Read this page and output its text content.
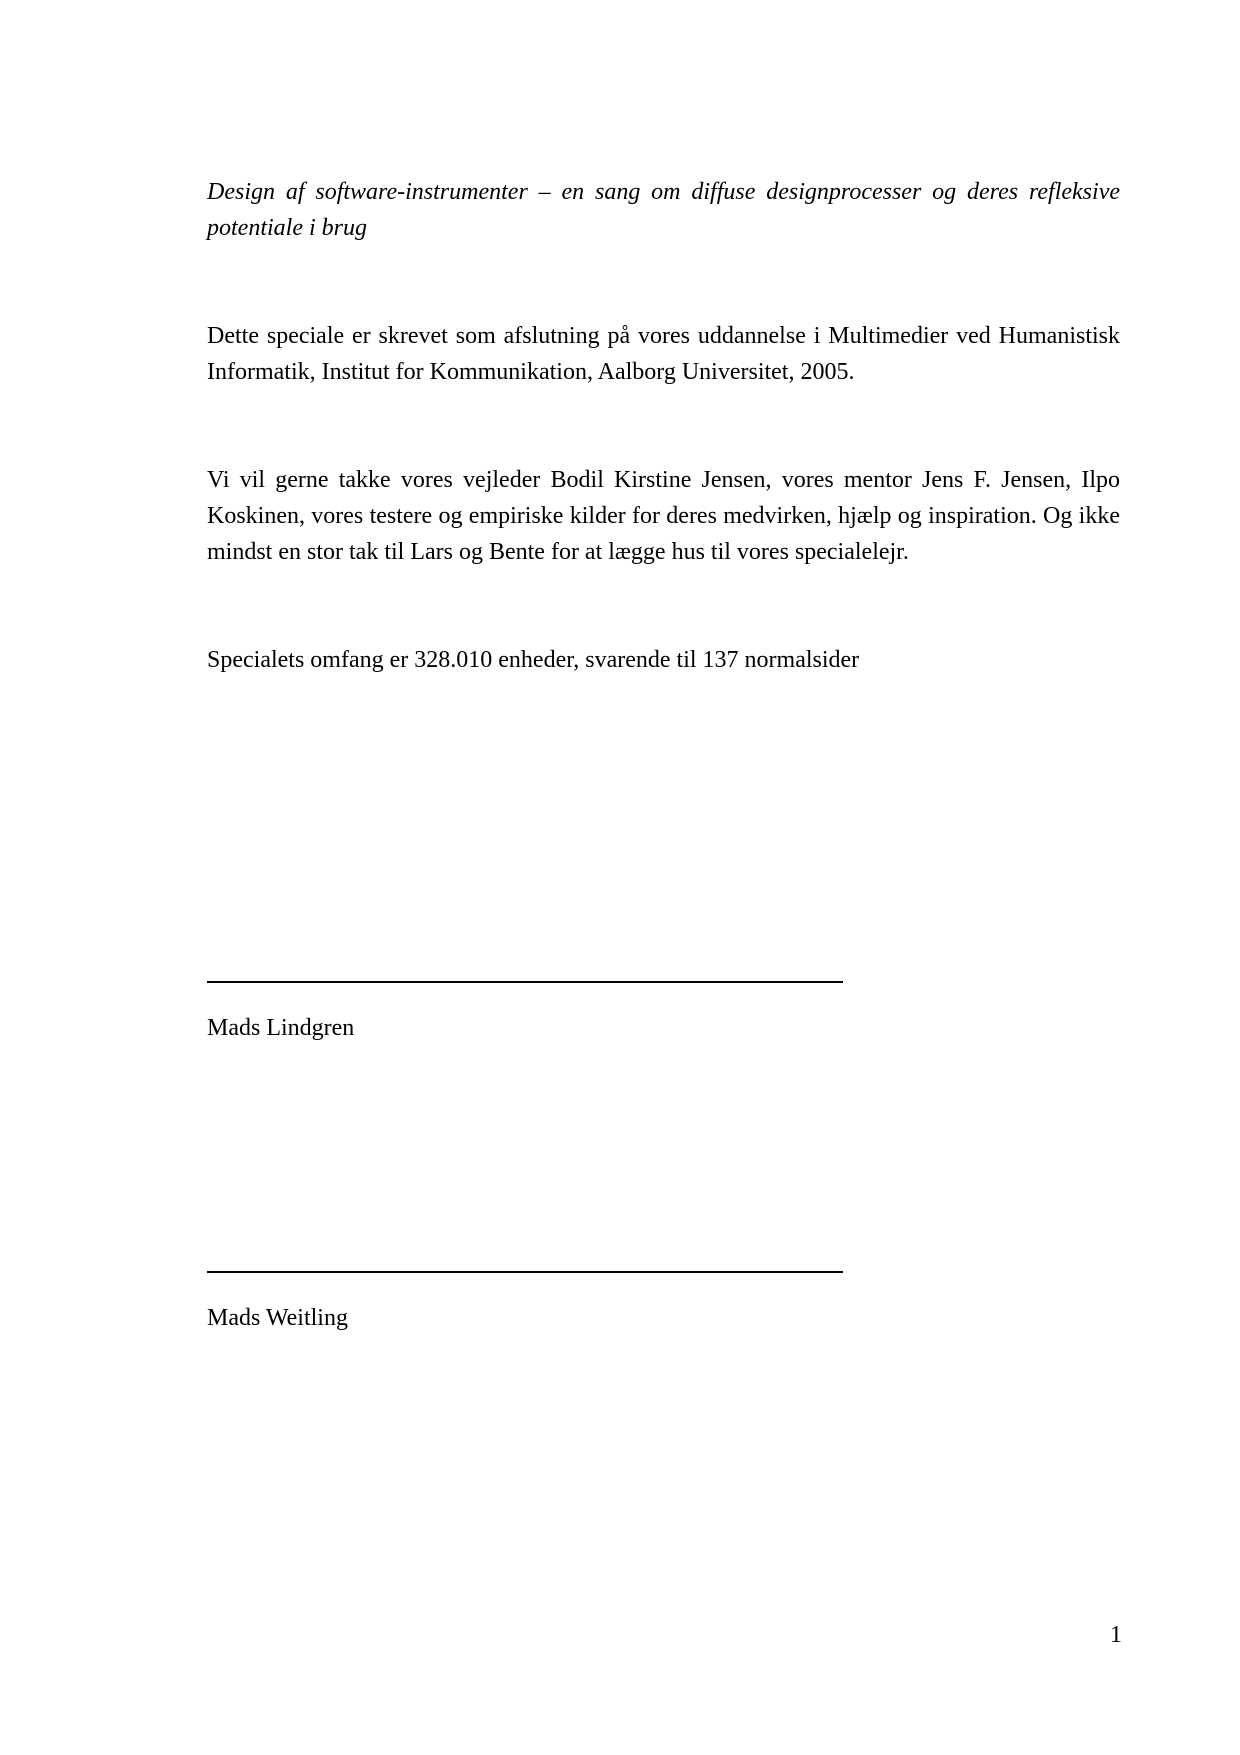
Design af software-instrumenter – en sang om diffuse designprocesser og deres refleksive potentiale i brug

Dette speciale er skrevet som afslutning på vores uddannelse i Multimedier ved Humanistisk Informatik, Institut for Kommunikation, Aalborg Universitet, 2005.

Vi vil gerne takke vores vejleder Bodil Kirstine Jensen, vores mentor Jens F. Jensen, Ilpo Koskinen, vores testere og empiriske kilder for deres medvirken, hjælp og inspiration. Og ikke mindst en stor tak til Lars og Bente for at lægge hus til vores specialelejr.

Specialets omfang er 328.010 enheder, svarende til 137 normalsider

Mads Lindgren
Mads Weitling
1
